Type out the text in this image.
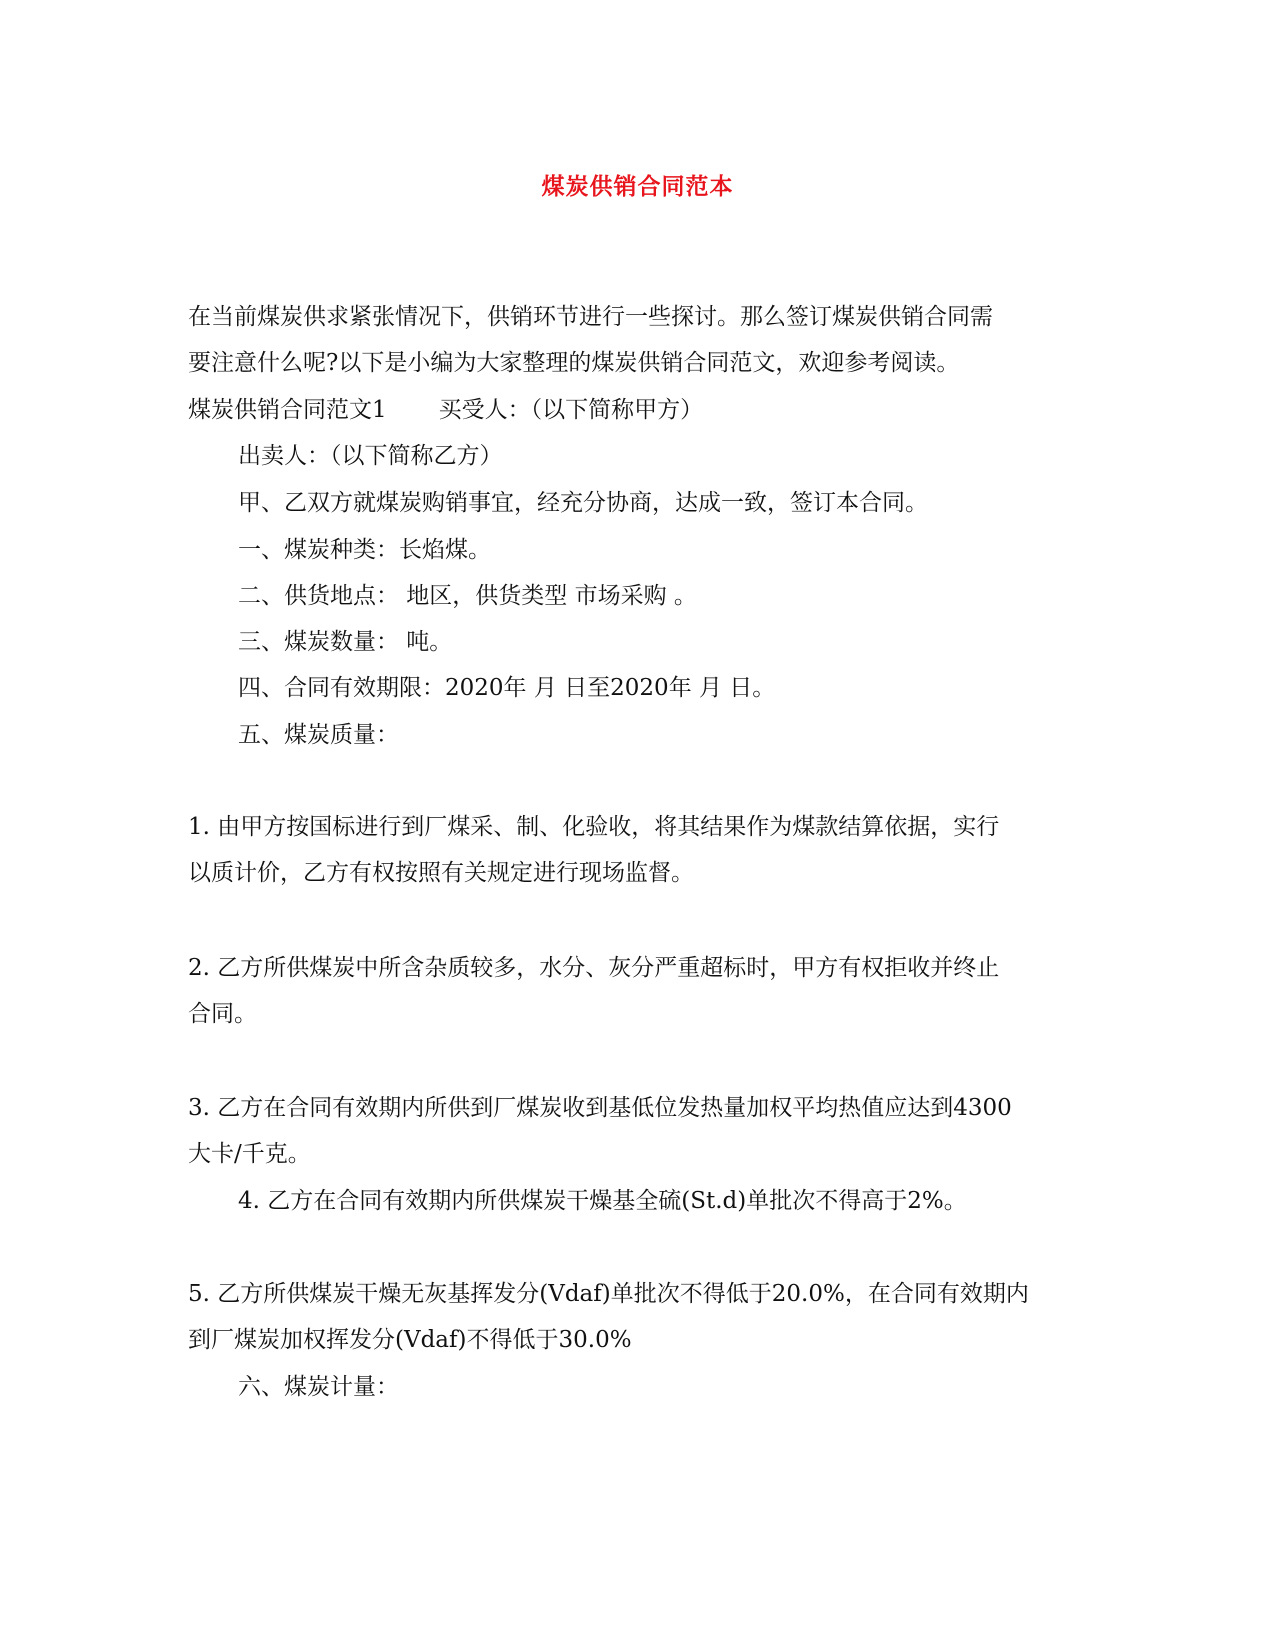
煤炭供销合同范本
在当前煤炭供求紧张情况下，供销环节进行一些探讨。那么签订煤炭供销合同需
要注意什么呢?以下是小编为大家整理的煤炭供销合同范文，欢迎参考阅读。
煤炭供销合同范文1 买受人：（以下简称甲方）
出卖人：（以下简称乙方）
甲、乙双方就煤炭购销事宜，经充分协商，达成一致，签订本合同。
一、煤炭种类：长焰煤。
二、供货地点： 地区，供货类型 市场采购 。
三、煤炭数量： 吨。
四、合同有效期限：2020年 月 日至2020年 月 日。
五、煤炭质量：
1. 由甲方按国标进行到厂煤采、制、化验收，将其结果作为煤款结算依据，实行
以质计价，乙方有权按照有关规定进行现场监督。
2. 乙方所供煤炭中所含杂质较多，水分、灰分严重超标时，甲方有权拒收并终止
合同。
3. 乙方在合同有效期内所供到厂煤炭收到基低位发热量加权平均热值应达到4300
大卡/千克。
4. 乙方在合同有效期内所供煤炭干燥基全硫(St.d)单批次不得高于2%。
5. 乙方所供煤炭干燥无灰基挥发分(Vdaf)单批次不得低于20.0%，在合同有效期内
到厂煤炭加权挥发分(Vdaf)不得低于30.0%
六、煤炭计量：
